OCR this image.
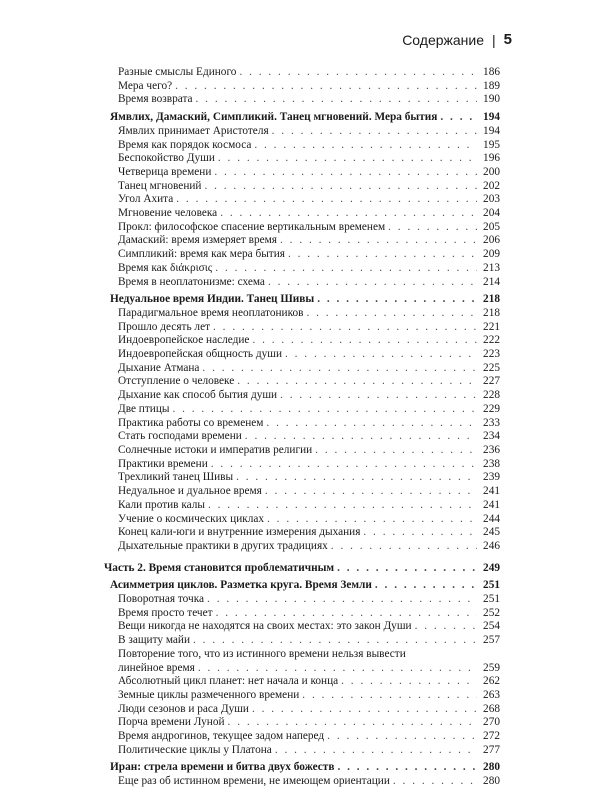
Содержание | 5
Разные смыслы Единого . . .	186
Мера чего? . . .	189
Время возврата . . .	190
Ямвлих, Дамаский, Симпликий. Танец мгновений. Мера бытия . . .	194
Ямвлих принимает Аристотеля . . .	194
Время как порядок космоса . . .	195
Беспокойство Души . . .	196
Четверица времени . . .	200
Танец мгновений . . .	202
Угол Ахита . . .	203
Мгновение человека . . .	204
Прокл: философское спасение вертикальным временем . . .	205
Дамаский: время измеряет время . . .	206
Симпликий: время как мера бытия . . .	209
Время как διάκρισις . . .	213
Время в неоплатонизме: схема . . .	214
Недуальное время Индии. Танец Шивы . . .	218
Парадигмальное время неоплатоников . . .	218
Прошло десять лет . . .	221
Индоевропейское наследие . . .	222
Индоевропейская общность души . . .	223
Дыхание Атмана . . .	225
Отступление о человеке . . .	227
Дыхание как способ бытия души . . .	228
Две птицы . . .	229
Практика работы со временем . . .	233
Стать господами времени . . .	234
Солнечные истоки и императив религии . . .	236
Практики времени . . .	238
Трехликий танец Шивы . . .	239
Недуальное и дуальное время . . .	241
Кали против калы . . .	241
Учение о космических циклах . . .	244
Конец кали-юги и внутренние измерения дыхания . . .	245
Дыхательные практики в других традициях . . .	246
Часть 2. Время становится проблематичным . . .	249
Асимметрия циклов. Разметка круга. Время Земли . . .	251
Поворотная точка . . .	251
Время просто течет . . .	252
Вещи никогда не находятся на своих местах: это закон Души . . .	254
В защиту майи . . .	257
Повторение того, что из истинного времени нельзя вывести
линейное время . . .	259
Абсолютный цикл планет: нет начала и конца . . .	262
Земные циклы размеченного времени . . .	263
Люди сезонов и раса Души . . .	268
Порча времени Луной . . .	270
Время андрогинов, текущее задом наперед . . .	272
Политические циклы у Платона . . .	277
Иран: стрела времени и битва двух божеств . . .	280
Еще раз об истинном времени, не имеющем ориентации . . .	280
